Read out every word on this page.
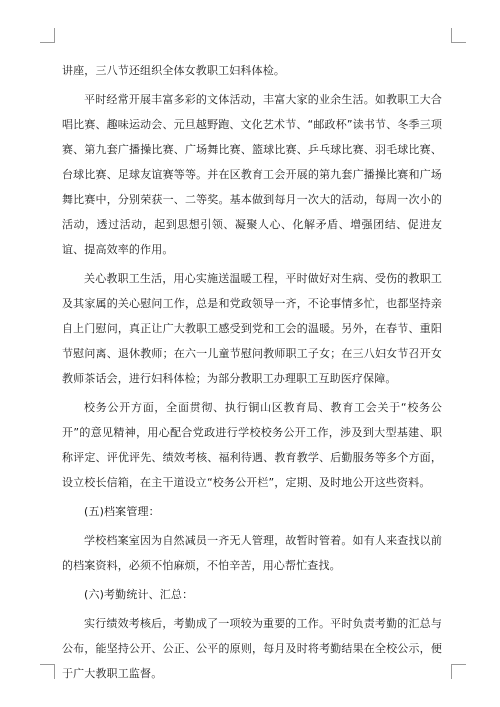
讲座，三八节还组织全体女教职工妇科体检。

平时经常开展丰富多彩的文体活动，丰富大家的业余生活。如教职工大合唱比赛、趣味运动会、元旦越野跑、文化艺术节、“邮政杯”读书节、冬季三项赛、第九套广播操比赛、广场舞比赛、篮球比赛、乒乓球比赛、羽毛球比赛、台球比赛、足球友谊赛等等。并在区教育工会开展的第九套广播操比赛和广场舞比赛中，分别荣获一、二等奖。基本做到每月一次大的活动，每周一次小的活动，透过活动，起到思想引领、凝聚人心、化解矛盾、增强团结、促进友谊、提高效率的作用。

关心教职工生活，用心实施送温暖工程，平时做好对生病、受伤的教职工及其家属的关心慰问工作，总是和党政领导一齐，不论事情多忙，也都坚持亲自上门慰问，真正让广大教职工感受到党和工会的温暖。另外，在春节、重阳节慰问离、退休教师；在六一儿童节慰问教师职工子女；在三八妇女节召开女教师茶话会，进行妇科体检；为部分教职工办理职工互助医疗保障。

校务公开方面，全面贯彻、执行铜山区教育局、教育工会关于“校务公开”的意见精神，用心配合党政进行学校校务公开工作，涉及到大型基建、职称评定、评优评先、绩效考核、福利待遇、教育教学、后勤服务等多个方面，设立校长信箱，在主干道设立“校务公开栏”，定期、及时地公开这些资料。

(五)档案管理：

学校档案室因为自然减员一齐无人管理，故暂时管着。如有人来查找以前的档案资料，必须不怕麻烦，不怕辛苦，用心帮忙查找。

(六)考勤统计、汇总：

实行绩效考核后，考勤成了一项较为重要的工作。平时负责考勤的汇总与公布，能坚持公开、公正、公平的原则，每月及时将考勤结果在全校公示，便于广大教职工监督。
